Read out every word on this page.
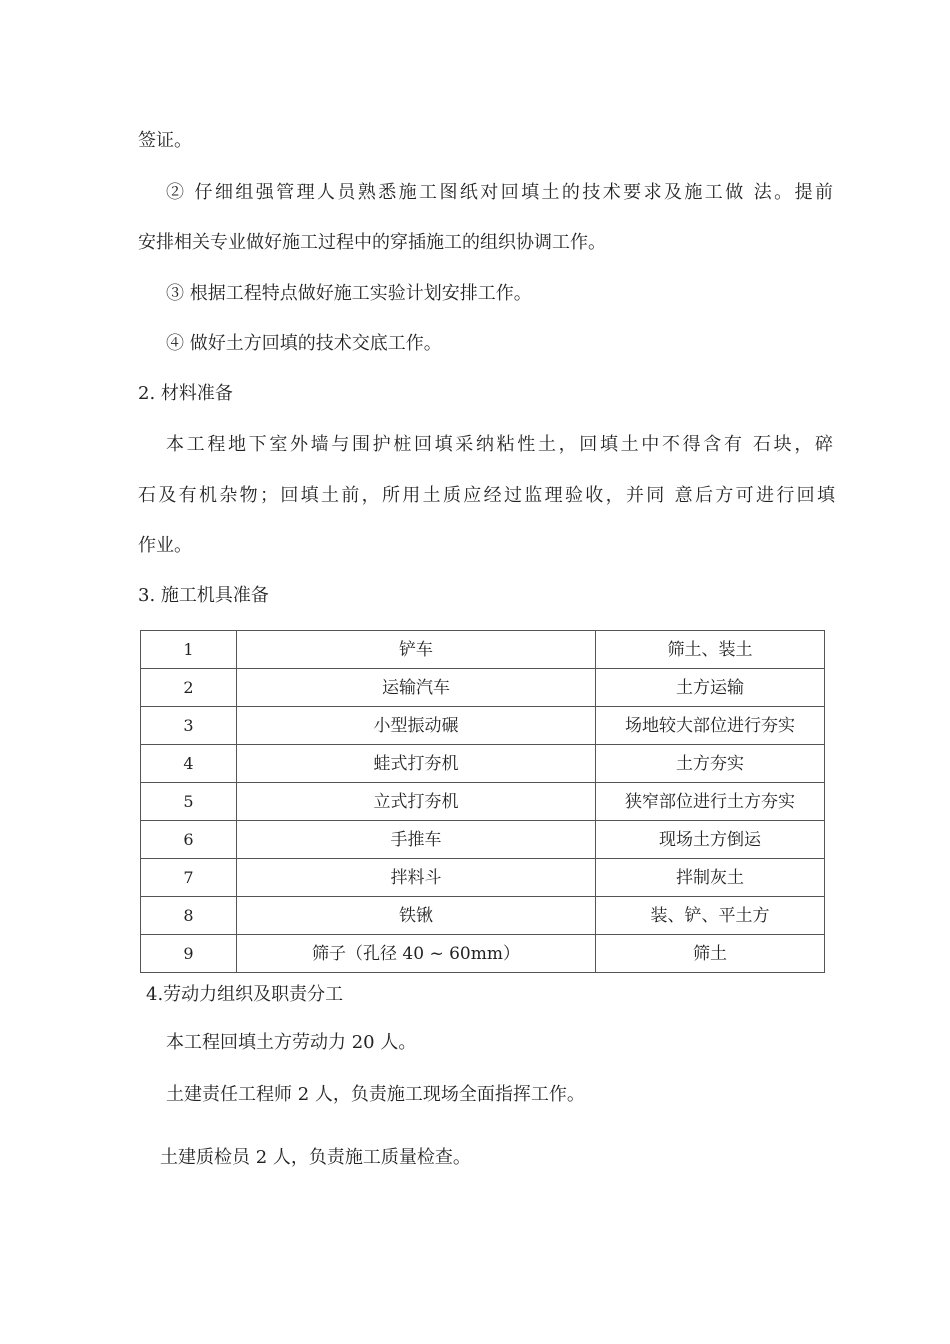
签证。

② 仔细组强管理人员熟悉施工图纸对回填土的技术要求及施工做 法。提前

安排相关专业做好施工过程中的穿插施工的组织协调工作。

③ 根据工程特点做好施工实验计划安排工作。

④ 做好土方回填的技术交底工作。

2. 材料准备

本工程地下室外墙与围护桩回填采纳粘性土，回填土中不得含有 石块，碎

石及有机杂物；回填土前，所用土质应经过监理验收，并同 意后方可进行回填

作业。

3. 施工机具准备

1	铲车	筛土、装土
2	运输汽车	土方运输
3	小型振动碾	场地较大部位进行夯实
4	蛙式打夯机	土方夯实
5	立式打夯机	狭窄部位进行土方夯实
6	手推车	现场土方倒运
7	拌料斗	拌制灰土
8	铁锹	装、铲、平土方
9	筛子（孔径 40 ~ 60mm）	筛土

4.劳动力组织及职责分工

本工程回填土方劳动力 20 人。

土建责任工程师 2 人，负责施工现场全面指挥工作。

土建质检员 2 人，负责施工质量检查。
